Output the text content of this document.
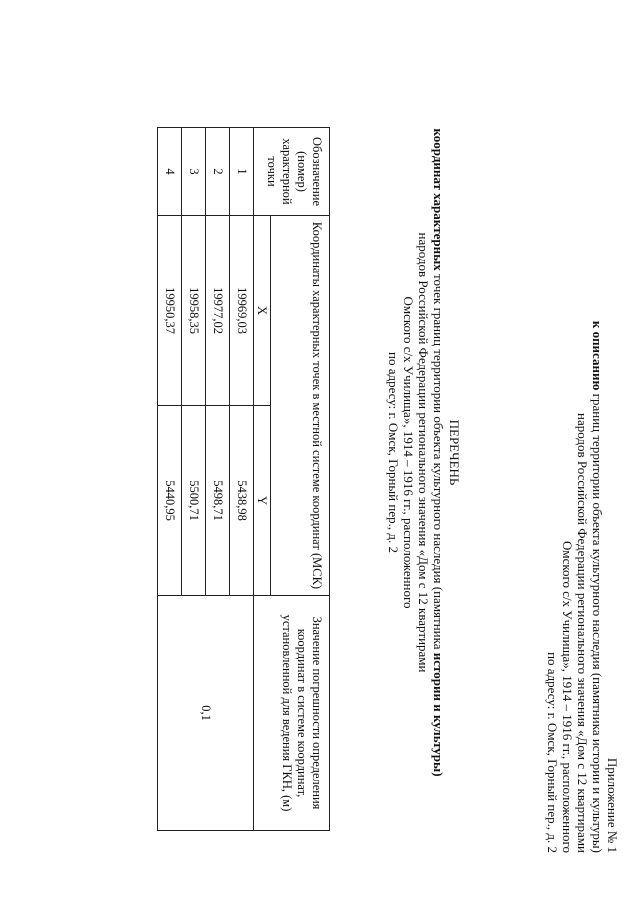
Приложение № 1
к описанию границ территории объекта культурного наследия (памятника истории и культуры)
народов Российской Федерации регионального значения «Дом с 12 квартирами
Омского с/х Училища», 1914 – 1916 гг., расположенного
по адресу: г. Омск, Горный пер., д. 2
ПЕРЕЧЕНЬ
координат характерных точек границ территории объекта культурного наследия (памятника истории и культуры)
народов Российской Федерации регионального значения «Дом с 12 квартирами
Омского с/х Училища», 1914 – 1916 гг., расположенного
по адресу: г. Омск, Горный пер., д. 2
Обозначение (номер) характерной точки	Координаты характерных точек в местной системе координат (МСК)		Значение погрешности определения координат в системе координат, установленной для ведения ГКН, (м)
	X	Y	
1	19969,03	5438,98	0,1
2	19977,02	5498,71	
3	19958,35	5500,71	
4	19950,37	5440,95	
